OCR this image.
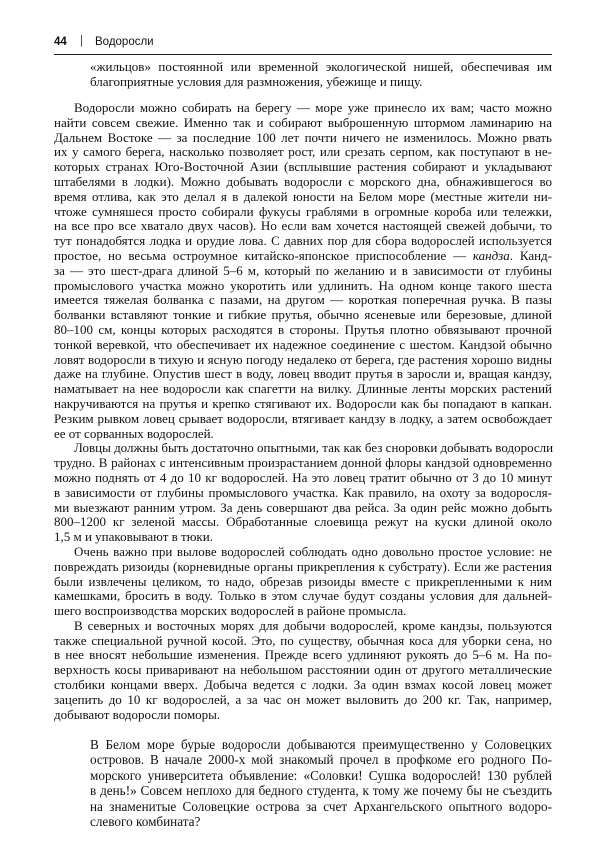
44 | Водоросли
«жильцов» постоянной или временной экологической нишей, обеспечивая им
благоприятные условия для размножения, убежище и пищу.
Водоросли можно собирать на берегу — море уже принесло их вам; часто можно
найти совсем свежие. Именно так и собирают выброшенную штормом ламинарию на
Дальнем Востоке — за последние 100 лет почти ничего не изменилось. Можно рвать
их у самого берега, насколько позволяет рост, или срезать серпом, как поступают в не-
которых странах Юго-Восточной Азии (всплывшие растения собирают и укладывают
штабелями в лодки). Можно добывать водоросли с морского дна, обнажившегося во
время отлива, как это делал я в далекой юности на Белом море (местные жители ни-
чтоже сумняшеся просто собирали фукусы граблями в огромные короба или тележки,
на все про все хватало двух часов). Но если вам хочется настоящей свежей добычи, то
тут понадобятся лодка и орудие лова. С давних пор для сбора водорослей используется
простое, но весьма остроумное китайско-японское приспособление — кандза. Канд-
за — это шест-драга длиной 5–6 м, который по желанию и в зависимости от глубины
промыслового участка можно укоротить или удлинить. На одном конце такого шеста
имеется тяжелая болванка с пазами, на другом — короткая поперечная ручка. В пазы
болванки вставляют тонкие и гибкие прутья, обычно ясеневые или березовые, длиной
80–100 см, концы которых расходятся в стороны. Прутья плотно обвязывают прочной
тонкой веревкой, что обеспечивает их надежное соединение с шестом. Кандзой обычно
ловят водоросли в тихую и ясную погоду недалеко от берега, где растения хорошо видны
даже на глубине. Опустив шест в воду, ловец вводит прутья в заросли и, вращая кандзу,
наматывает на нее водоросли как спагетти на вилку. Длинные ленты морских растений
накручиваются на прутья и крепко стягивают их. Водоросли как бы попадают в капкан.
Резким рывком ловец срывает водоросли, втягивает кандзу в лодку, а затем освобождает
ее от сорванных водорослей.
Ловцы должны быть достаточно опытными, так как без сноровки добывать водоросли
трудно. В районах с интенсивным произрастанием донной флоры кандзой одновременно
можно поднять от 4 до 10 кг водорослей. На это ловец тратит обычно от 3 до 10 минут
в зависимости от глубины промыслового участка. Как правило, на охоту за водоросля-
ми выезжают ранним утром. За день совершают два рейса. За один рейс можно добыть
800–1200 кг зеленой массы. Обработанные слоевища режут на куски длиной около
1,5 м и упаковывают в тюки.
Очень важно при вылове водорослей соблюдать одно довольно простое условие: не
повреждать ризоиды (корневидные органы прикрепления к субстрату). Если же растения
были извлечены целиком, то надо, обрезав ризоиды вместе с прикрепленными к ним
камешками, бросить в воду. Только в этом случае будут созданы условия для дальней-
шего воспроизводства морских водорослей в районе промысла.
В северных и восточных морях для добычи водорослей, кроме кандзы, пользуются
также специальной ручной косой. Это, по существу, обычная коса для уборки сена, но
в нее вносят небольшие изменения. Прежде всего удлиняют рукоять до 5–6 м. На по-
верхность косы приваривают на небольшом расстоянии один от другого металлические
столбики концами вверх. Добыча ведется с лодки. За один взмах косой ловец может
зацепить до 10 кг водорослей, а за час он может выловить до 200 кг. Так, например,
добывают водоросли поморы.
В Белом море бурые водоросли добываются преимущественно у Соловецких
островов. В начале 2000-х мой знакомый прочел в профкоме его родного По-
морского университета объявление: «Соловки! Сушка водорослей! 130 рублей
в день!» Совсем неплохо для бедного студента, к тому же почему бы не съездить
на знаменитые Соловецкие острова за счет Архангельского опытного водоро-
слевого комбината?
